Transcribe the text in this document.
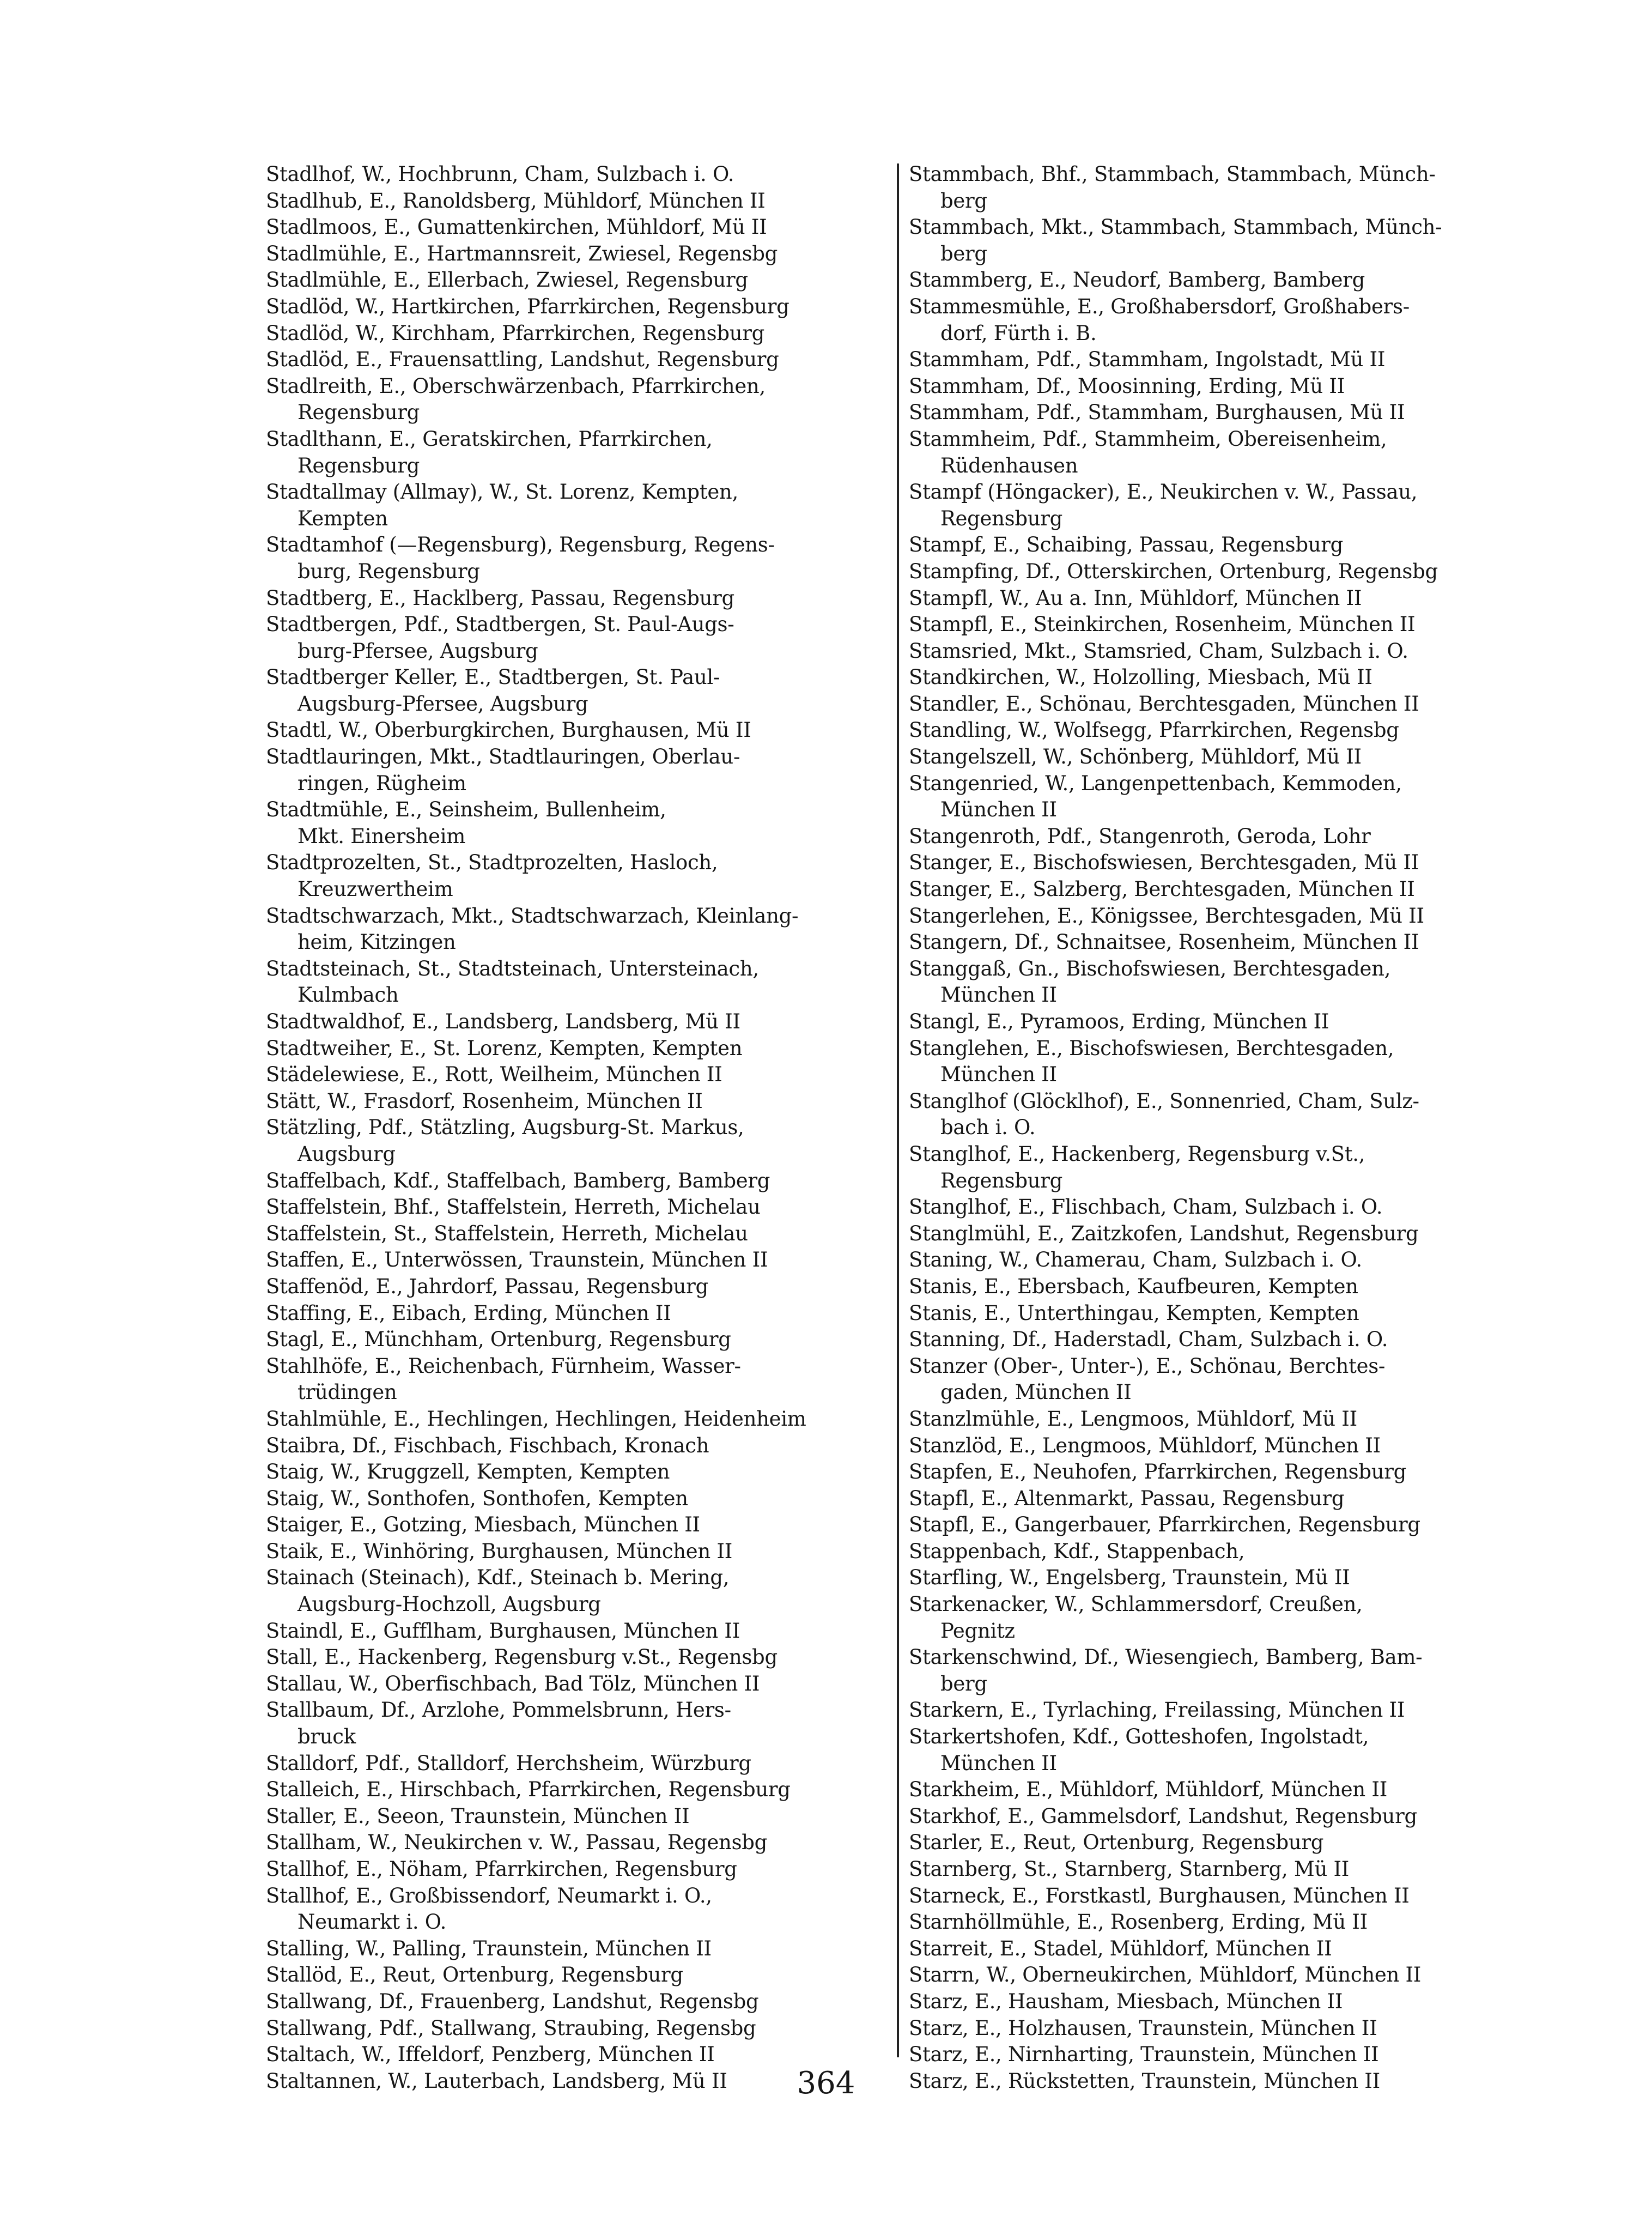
Stadlhof, W., Hochbrunn, Cham, Sulzbach i. O.
Stadlhub, E., Ranoldsberg, Mühldorf, München II
Stadlmoos, E., Gumattenkirchen, Mühldorf, Mü II
Stadlmühle, E., Hartmannsreit, Zwiesel, Regensbg
Stadlmühle, E., Ellerbach, Zwiesel, Regensburg
Stadlöd, W., Hartkirchen, Pfarrkirchen, Regensburg
Stadlöd, W., Kirchham, Pfarrkirchen, Regensburg
Stadlöd, E., Frauensattling, Landshut, Regensburg
Stadlreith, E., Oberschwärzenbach, Pfarrkirchen,
Regensburg
Stadlthann, E., Geratskirchen, Pfarrkirchen,
Regensburg
Stadtallmay (Allmay), W., St. Lorenz, Kempten,
Kempten
Stadtamhof (—Regensburg), Regensburg, Regens-
burg, Regensburg
Stadtberg, E., Hacklberg, Passau, Regensburg
Stadtbergen, Pdf., Stadtbergen, St. Paul-Augs-
burg-Pfersee, Augsburg
Stadtberger Keller, E., Stadtbergen, St. Paul-
Augsburg-Pfersee, Augsburg
Stadtl, W., Oberburgkirchen, Burghausen, Mü II
Stadtlauringen, Mkt., Stadtlauringen, Oberlau-
ringen, Rügheim
Stadtmühle, E., Seinsheim, Bullenheim,
Mkt. Einersheim
Stadtprozelten, St., Stadtprozelten, Hasloch,
Kreuzwertheim
Stadtschwarzach, Mkt., Stadtschwarzach, Kleinlang-
heim, Kitzingen
Stadtsteinach, St., Stadtsteinach, Untersteinach,
Kulmbach
Stadtwaldhof, E., Landsberg, Landsberg, Mü II
Stadtweiher, E., St. Lorenz, Kempten, Kempten
Städelewiese, E., Rott, Weilheim, München II
Stätt, W., Frasdorf, Rosenheim, München II
Stätzling, Pdf., Stätzling, Augsburg-St. Markus,
Augsburg
Staffelbach, Kdf., Staffelbach, Bamberg, Bamberg
Staffelstein, Bhf., Staffelstein, Herreth, Michelau
Staffelstein, St., Staffelstein, Herreth, Michelau
Staffen, E., Unterwössen, Traunstein, München II
Staffenöd, E., Jahrdorf, Passau, Regensburg
Staffing, E., Eibach, Erding, München II
Stagl, E., Münchham, Ortenburg, Regensburg
Stahlhöfe, E., Reichenbach, Fürnheim, Wasser-
trüdingen
Stahlmühle, E., Hechlingen, Hechlingen, Heidenheim
Staibra, Df., Fischbach, Fischbach, Kronach
Staig, W., Kruggzell, Kempten, Kempten
Staig, W., Sonthofen, Sonthofen, Kempten
Staiger, E., Gotzing, Miesbach, München II
Staik, E., Winhöring, Burghausen, München II
Stainach (Steinach), Kdf., Steinach b. Mering,
Augsburg-Hochzoll, Augsburg
Staindl, E., Gufflham, Burghausen, München II
Stall, E., Hackenberg, Regensburg v.St., Regensbg
Stallau, W., Oberfischbach, Bad Tölz, München II
Stallbaum, Df., Arzlohe, Pommelsbrunn, Hers-
bruck
Stalldorf, Pdf., Stalldorf, Herchsheim, Würzburg
Stalleich, E., Hirschbach, Pfarrkirchen, Regensburg
Staller, E., Seeon, Traunstein, München II
Stallham, W., Neukirchen v. W., Passau, Regensbg
Stallhof, E., Nöham, Pfarrkirchen, Regensburg
Stallhof, E., Großbissendorf, Neumarkt i. O.,
Neumarkt i. O.
Stalling, W., Palling, Traunstein, München II
Stallöd, E., Reut, Ortenburg, Regensburg
Stallwang, Df., Frauenberg, Landshut, Regensbg
Stallwang, Pdf., Stallwang, Straubing, Regensbg
Staltach, W., Iffeldorf, Penzberg, München II
Staltannen, W., Lauterbach, Landsberg, Mü II
Stammbach, Bhf., Stammbach, Stammbach, Münch-
berg
Stammbach, Mkt., Stammbach, Stammbach, Münch-
berg
Stammberg, E., Neudorf, Bamberg, Bamberg
Stammesmühle, E., Großhabersdorf, Großhabers-
dorf, Fürth i. B.
Stammham, Pdf., Stammham, Ingolstadt, Mü II
Stammham, Df., Moosinning, Erding, Mü II
Stammham, Pdf., Stammham, Burghausen, Mü II
Stammheim, Pdf., Stammheim, Obereisenheim,
Rüdenhausen
Stampf (Höngacker), E., Neukirchen v. W., Passau,
Regensburg
Stampf, E., Schaibing, Passau, Regensburg
Stampfing, Df., Otterskirchen, Ortenburg, Regensbg
Stampfl, W., Au a. Inn, Mühldorf, München II
Stampfl, E., Steinkirchen, Rosenheim, München II
Stamsried, Mkt., Stamsried, Cham, Sulzbach i. O.
Standkirchen, W., Holzolling, Miesbach, Mü II
Standler, E., Schönau, Berchtesgaden, München II
Standling, W., Wolfsegg, Pfarrkirchen, Regensbg
Stangelszell, W., Schönberg, Mühldorf, Mü II
Stangenried, W., Langenpettenbach, Kemmoden,
München II
Stangenroth, Pdf., Stangenroth, Geroda, Lohr
Stanger, E., Bischofswiesen, Berchtesgaden, Mü II
Stanger, E., Salzberg, Berchtesgaden, München II
Stangerlehen, E., Königssee, Berchtesgaden, Mü II
Stangern, Df., Schnaitsee, Rosenheim, München II
Stanggaß, Gn., Bischofswiesen, Berchtesgaden,
München II
Stangl, E., Pyramoos, Erding, München II
Stanglehen, E., Bischofswiesen, Berchtesgaden,
München II
Stanglhof (Glöcklhof), E., Sonnenried, Cham, Sulz-
bach i. O.
Stanglhof, E., Hackenberg, Regensburg v.St.,
Regensburg
Stanglhof, E., Flischbach, Cham, Sulzbach i. O.
Stanglmühl, E., Zaitzkofen, Landshut, Regensburg
Staning, W., Chamerau, Cham, Sulzbach i. O.
Stanis, E., Ebersbach, Kaufbeuren, Kempten
Stanis, E., Unterthingau, Kempten, Kempten
Stanning, Df., Haderstadl, Cham, Sulzbach i. O.
Stanzer (Ober-, Unter-), E., Schönau, Berchtes-
gaden, München II
Stanzlmühle, E., Lengmoos, Mühldorf, Mü II
Stanzlöd, E., Lengmoos, Mühldorf, München II
Stapfen, E., Neuhofen, Pfarrkirchen, Regensburg
Stapfl, E., Altenmarkt, Passau, Regensburg
Stapfl, E., Gangerbauer, Pfarrkirchen, Regensburg
Stappenbach, Kdf., Stappenbach,
Starfling, W., Engelsberg, Traunstein, Mü II
Starkenacker, W., Schlammersdorf, Creußen,
Pegnitz
Starkenschwind, Df., Wiesengiech, Bamberg, Bam-
berg
Starkern, E., Tyrlaching, Freilassing, München II
Starkertshofen, Kdf., Gotteshofen, Ingolstadt,
München II
Starkheim, E., Mühldorf, Mühldorf, München II
Starkhof, E., Gammelsdorf, Landshut, Regensburg
Starler, E., Reut, Ortenburg, Regensburg
Starnberg, St., Starnberg, Starnberg, Mü II
Starneck, E., Forstkastl, Burghausen, München II
Starnhöllmühle, E., Rosenberg, Erding, Mü II
Starreit, E., Stadel, Mühldorf, München II
Starrn, W., Oberneukirchen, Mühldorf, München II
Starz, E., Hausham, Miesbach, München II
Starz, E., Holzhausen, Traunstein, München II
Starz, E., Nirnharting, Traunstein, München II
Starz, E., Rückstetten, Traunstein, München II
364
